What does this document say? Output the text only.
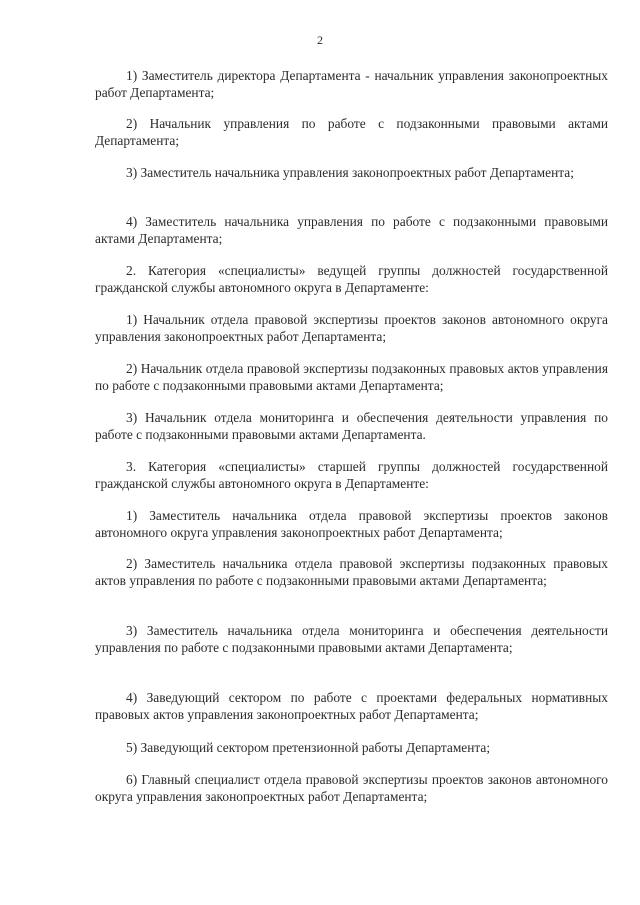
2

1) Заместитель директора Департамента - начальник управления законопроектных работ Департамента;

2) Начальник управления по работе с подзаконными правовыми актами Департамента;

3) Заместитель начальника управления законопроектных работ Департамента;

4) Заместитель начальника управления по работе с подзаконными правовыми актами Департамента;

2. Категория «специалисты» ведущей группы должностей государственной гражданской службы автономного округа в Департаменте:

1) Начальник отдела правовой экспертизы проектов законов автономного округа управления законопроектных работ Департамента;

2) Начальник отдела правовой экспертизы подзаконных правовых актов управления по работе с подзаконными правовыми актами Департамента;

3) Начальник отдела мониторинга и обеспечения деятельности управления по работе с подзаконными правовыми актами Департамента.

3. Категория «специалисты» старшей группы должностей государственной гражданской службы автономного округа в Департаменте:

1) Заместитель начальника отдела правовой экспертизы проектов законов автономного округа управления законопроектных работ Департамента;

2) Заместитель начальника отдела правовой экспертизы подзаконных правовых актов управления по работе с подзаконными правовыми актами Департамента;

3) Заместитель начальника отдела мониторинга и обеспечения деятельности управления по работе с подзаконными правовыми актами Департамента;

4) Заведующий сектором по работе с проектами федеральных нормативных правовых актов управления законопроектных работ Департамента;

5) Заведующий сектором претензионной работы Департамента;

6) Главный специалист отдела правовой экспертизы проектов законов автономного округа управления законопроектных работ Департамента;
